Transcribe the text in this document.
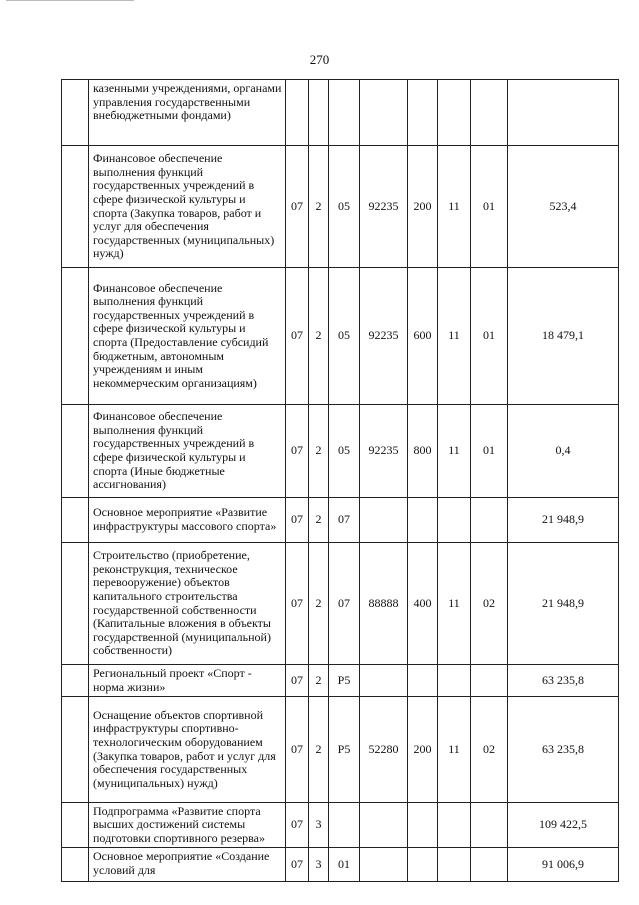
270
	казенными учреждениями, органами управления государственными внебюджетными фондами)								
	Финансовое обеспечение выполнения функций государственных учреждений в сфере физической культуры и спорта (Закупка товаров, работ и услуг для обеспечения государственных (муниципальных) нужд)	07	2	05	92235	200	11	01	523,4
	Финансовое обеспечение выполнения функций государственных учреждений в сфере физической культуры и спорта (Предоставление субсидий бюджетным, автономным учреждениям и иным некоммерческим организациям)	07	2	05	92235	600	11	01	18 479,1
	Финансовое обеспечение выполнения функций государственных учреждений в сфере физической культуры и спорта (Иные бюджетные ассигнования)	07	2	05	92235	800	11	01	0,4
	Основное мероприятие «Развитие инфраструктуры массового спорта»	07	2	07					21 948,9
	Строительство (приобретение, реконструкция, техническое перевооружение) объектов капитального строительства государственной собственности (Капитальные вложения в объекты государственной (муниципальной) собственности)	07	2	07	88888	400	11	02	21 948,9
	Региональный проект «Спорт - норма жизни»	07	2	P5					63 235,8
	Оснащение объектов спортивной инфраструктуры спортивно-технологическим оборудованием (Закупка товаров, работ и услуг для обеспечения государственных (муниципальных) нужд)	07	2	P5	52280	200	11	02	63 235,8
	Подпрограмма «Развитие спорта высших достижений системы подготовки спортивного резерва»	07	3						109 422,5
	Основное мероприятие «Создание условий для	07	3	01					91 006,9
